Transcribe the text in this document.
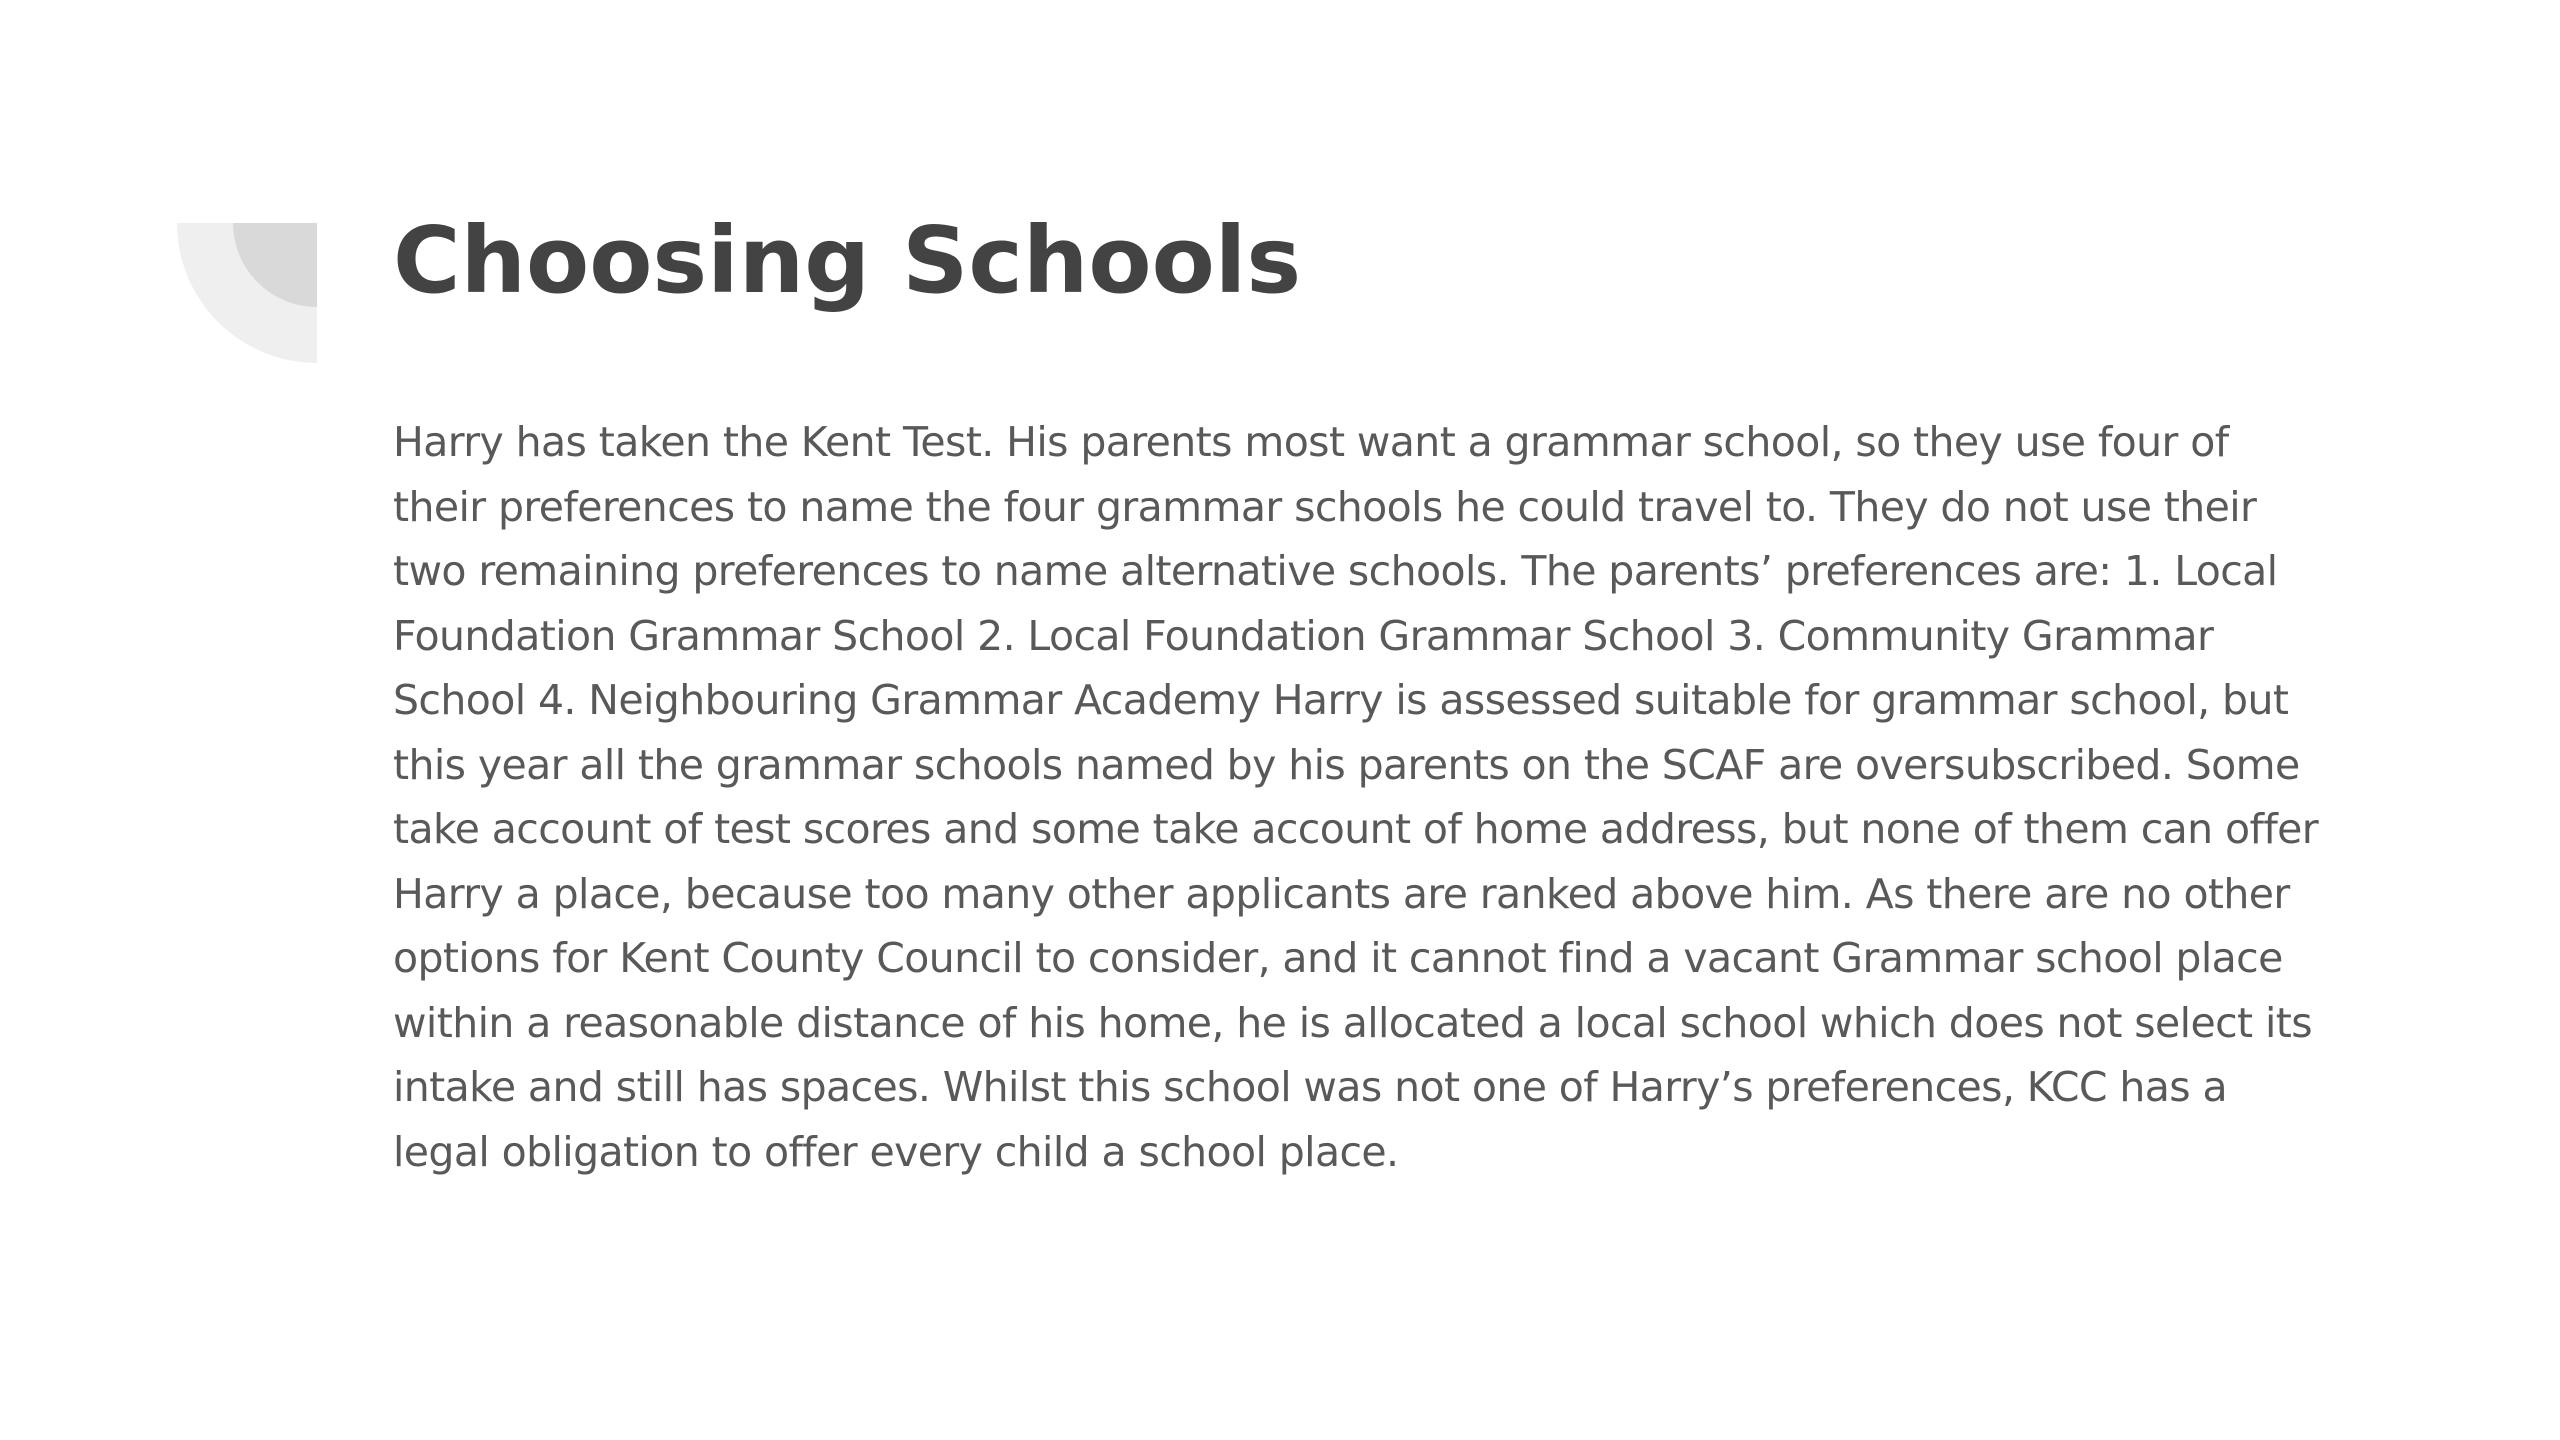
Choosing Schools

Harry has taken the Kent Test. His parents most want a grammar school, so they use four of their preferences to name the four grammar schools he could travel to. They do not use their two remaining preferences to name alternative schools. The parents’ preferences are: 1. Local Foundation Grammar School 2. Local Foundation Grammar School 3. Community Grammar School 4. Neighbouring Grammar Academy Harry is assessed suitable for grammar school, but this year all the grammar schools named by his parents on the SCAF are oversubscribed. Some take account of test scores and some take account of home address, but none of them can offer Harry a place, because too many other applicants are ranked above him. As there are no other options for Kent County Council to consider, and it cannot find a vacant Grammar school place within a reasonable distance of his home, he is allocated a local school which does not select its intake and still has spaces. Whilst this school was not one of Harry’s preferences, KCC has a legal obligation to offer every child a school place.
